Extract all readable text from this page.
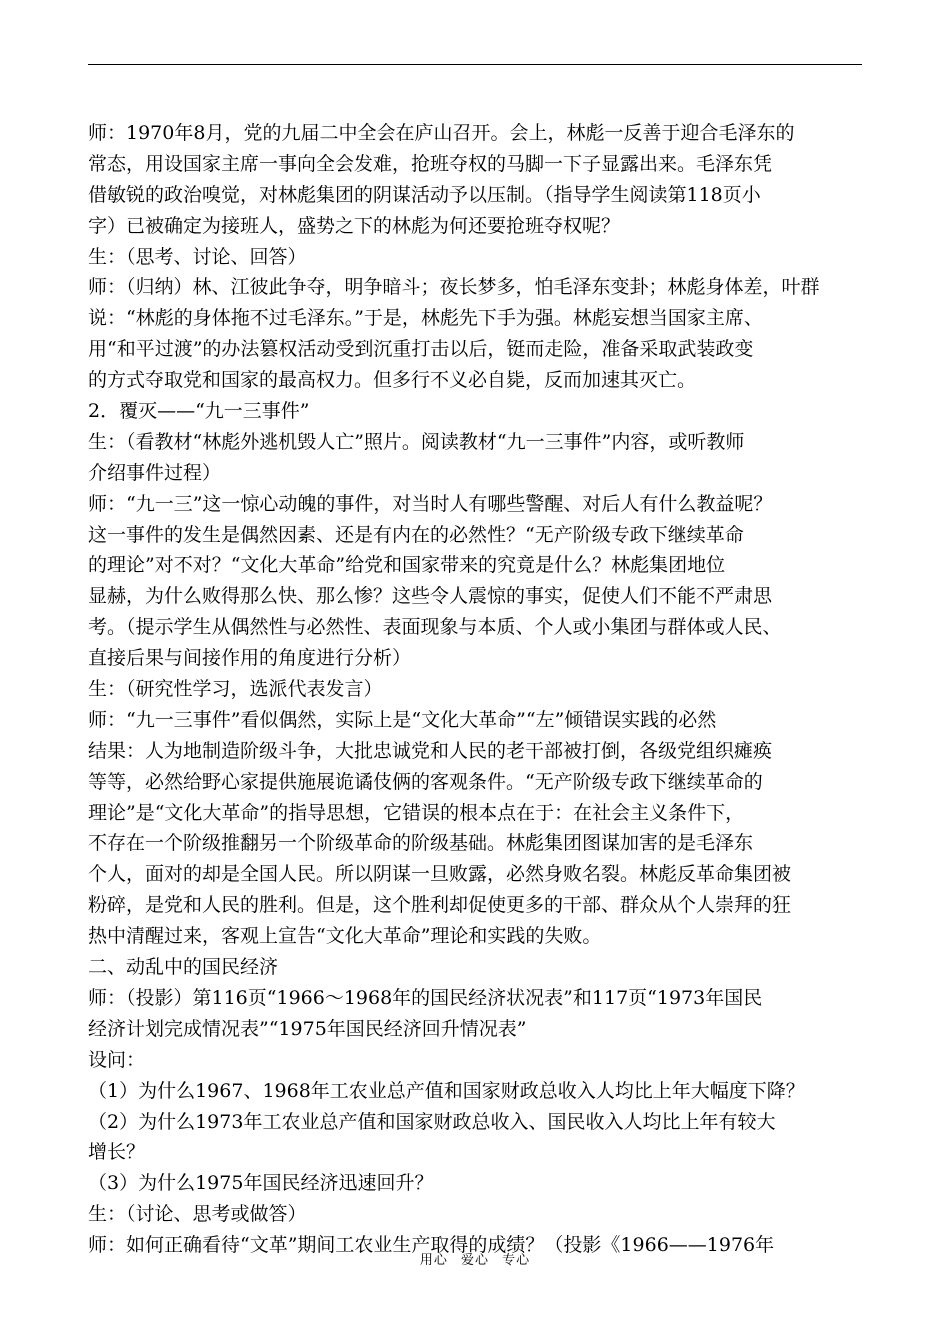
师：1970年8月，党的九届二中全会在庐山召开。会上，林彪一反善于迎合毛泽东的
常态，用设国家主席一事向全会发难，抢班夺权的马脚一下子显露出来。毛泽东凭
借敏锐的政治嗅觉，对林彪集团的阴谋活动予以压制。（指导学生阅读第118页小
字）已被确定为接班人，盛势之下的林彪为何还要抢班夺权呢？
生：（思考、讨论、回答）
师：（归纳）林、江彼此争夺，明争暗斗；夜长梦多，怕毛泽东变卦；林彪身体差，叶群
说：“林彪的身体拖不过毛泽东。”于是，林彪先下手为强。林彪妄想当国家主席、
用“和平过渡”的办法篡权活动受到沉重打击以后，铤而走险，准备采取武装政变
的方式夺取党和国家的最高权力。但多行不义必自毙，反而加速其灭亡。
2．覆灭——“九一三事件”
生：（看教材“林彪外逃机毁人亡”照片。阅读教材“九一三事件”内容，或听教师
介绍事件过程）
师：“九一三”这一惊心动魄的事件，对当时人有哪些警醒、对后人有什么教益呢？
这一事件的发生是偶然因素、还是有内在的必然性？“无产阶级专政下继续革命
的理论”对不对？“文化大革命”给党和国家带来的究竟是什么？林彪集团地位
显赫，为什么败得那么快、那么惨？这些令人震惊的事实，促使人们不能不严肃思
考。（提示学生从偶然性与必然性、表面现象与本质、个人或小集团与群体或人民、
直接后果与间接作用的角度进行分析）
生：（研究性学习，选派代表发言）
师：“九一三事件”看似偶然，实际上是“文化大革命”“左”倾错误实践的必然
结果：人为地制造阶级斗争，大批忠诚党和人民的老干部被打倒，各级党组织瘫痪
等等，必然给野心家提供施展诡谲伎俩的客观条件。“无产阶级专政下继续革命的
理论”是“文化大革命”的指导思想，它错误的根本点在于：在社会主义条件下，
不存在一个阶级推翻另一个阶级革命的阶级基础。林彪集团图谋加害的是毛泽东
个人，面对的却是全国人民。所以阴谋一旦败露，必然身败名裂。林彪反革命集团被
粉碎，是党和人民的胜利。但是，这个胜利却促使更多的干部、群众从个人崇拜的狂
热中清醒过来，客观上宣告“文化大革命”理论和实践的失败。
二、动乱中的国民经济
师：（投影）第116页“1966～1968年的国民经济状况表”和117页“1973年国民
经济计划完成情况表”“1975年国民经济回升情况表”
设问：
（1）为什么1967、1968年工农业总产值和国家财政总收入人均比上年大幅度下降？
（2）为什么1973年工农业总产值和国家财政总收入、国民收入人均比上年有较大
增长？
（3）为什么1975年国民经济迅速回升？
生：（讨论、思考或做答）
师：如何正确看待“文革”期间工农业生产取得的成绩？（投影《1966——1976年
用心 爱心 专心
